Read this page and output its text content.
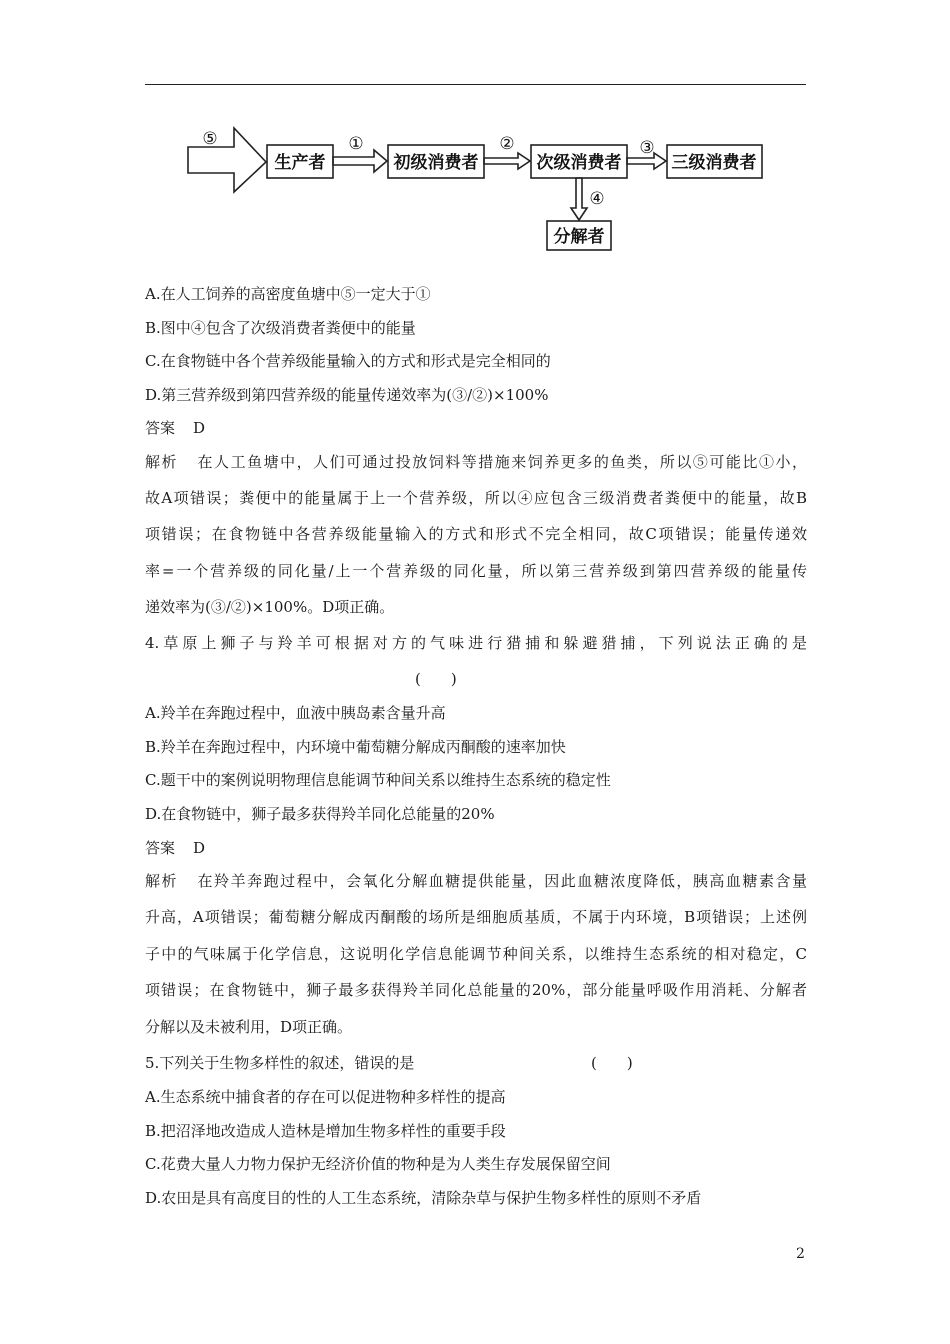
⑤
生产者
①
初级消费者
②
次级消费者
③
三级消费者
④
分解者
A.在人工饲养的高密度鱼塘中⑤一定大于①
B.图中④包含了次级消费者粪便中的能量
C.在食物链中各个营养级能量输入的方式和形式是完全相同的
D.第三营养级到第四营养级的能量传递效率为(③/②)×100%
答案 D
解析 在人工鱼塘中，人们可通过投放饲料等措施来饲养更多的鱼类，所以⑤可能比①小，
故A项错误；粪便中的能量属于上一个营养级，所以④应包含三级消费者粪便中的能量，故B
项错误；在食物链中各营养级能量输入的方式和形式不完全相同，故C项错误；能量传递效
率=一个营养级的同化量/上一个营养级的同化量，所以第三营养级到第四营养级的能量传
递效率为(③/②)×100%。D项正确。
4.草原上狮子与羚羊可根据对方的气味进行猎捕和躲避猎捕，下列说法正确的是
(　　)
A.羚羊在奔跑过程中，血液中胰岛素含量升高
B.羚羊在奔跑过程中，内环境中葡萄糖分解成丙酮酸的速率加快
C.题干中的案例说明物理信息能调节种间关系以维持生态系统的稳定性
D.在食物链中，狮子最多获得羚羊同化总能量的20%
答案 D
解析 在羚羊奔跑过程中，会氧化分解血糖提供能量，因此血糖浓度降低，胰高血糖素含量
升高，A项错误；葡萄糖分解成丙酮酸的场所是细胞质基质，不属于内环境，B项错误；上述例
子中的气味属于化学信息，这说明化学信息能调节种间关系，以维持生态系统的相对稳定，C
项错误；在食物链中，狮子最多获得羚羊同化总能量的20%，部分能量呼吸作用消耗、分解者
分解以及未被利用，D项正确。
5.下列关于生物多样性的叙述，错误的是	(　　)
A.生态系统中捕食者的存在可以促进物种多样性的提高
B.把沼泽地改造成人造林是增加生物多样性的重要手段
C.花费大量人力物力保护无经济价值的物种是为人类生存发展保留空间
D.农田是具有高度目的性的人工生态系统，清除杂草与保护生物多样性的原则不矛盾
2
